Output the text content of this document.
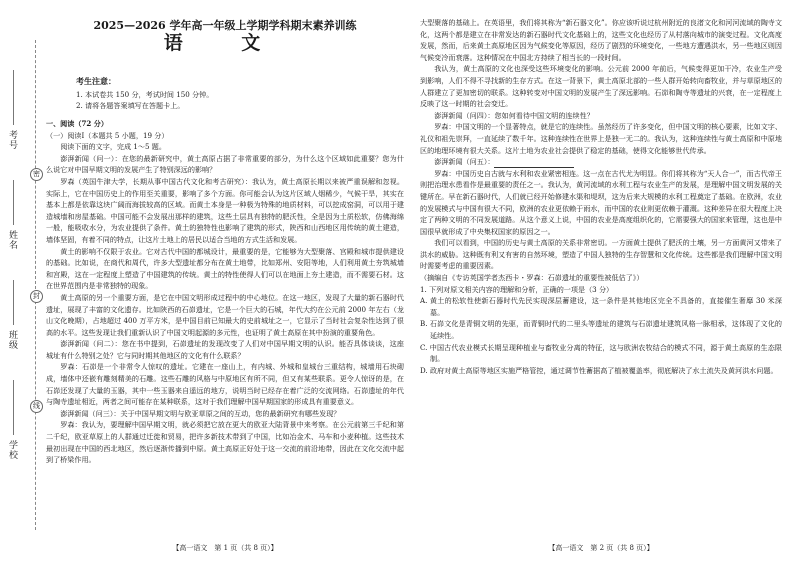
密
封
线
考号
姓名
班级
学校
2025—2026 学年高一年级上学期学科期末素养训练
语 文
考生注意：

1. 本试卷共 150 分，考试时间 150 分钟。

2. 请将各题答案填写在答题卡上。

一、阅读（72 分）

（一）阅读Ⅰ（本题共 5 小题，19 分）

阅读下面的文字，完成 1～5 题。

澎湃新闻（问一）：在您的最新研究中，黄土高原占据了非常重要的部分，为什么这个区域如此重要？您为什么说它对中国早期文明的发展产生了特别深远的影响？

罗森（英国牛津大学，长期从事中国古代文化和考古研究）：我认为，黄土高原长期以来被严重误解和忽视。实际上，它在中国历史上的作用至关重要，影响了多个方面。你可能会认为这片区域人烟稀少，气候干旱，其实在基本上都是依靠这块广阔而海拔较高的区域。而黄土本身是一种极为特殊的地质材料，可以挖成窑洞，可以用于建造城墙和房屋基础。中国可能不会发展出那样的建筑，这些土层具有独特的肥沃性，全是因为土质松软，仿佛海绵一般，能吸收水分，为农业提供了条件。黄土的独特性也影响了建筑的形式，陕西和山西地区用传统的黄土建造，墙体坚固，有着不同的特点，让这片土地上的居民以适合当地的方式生活和发展。

黄土的影响不仅限于农业。它对古代中国的都城设计，最重要的是，它能够为大型聚落、宫殿和城市提供建设的基础。比如说，在商代和周代，许多大型遗址都分布在黄土地带，比如郑州、安阳等地，人们利用黄土夯筑城墙和宫殿，这在一定程度上塑造了中国建筑的传统。黄土的特性使得人们可以在地面上夯土建造，而不需要石材。这在世界范围内是非常独特的现象。

黄土高原的另一个重要方面，是它在中国文明形成过程中的中心地位。在这一地区，发现了大量的新石器时代遗址，展现了丰富的文化遗存。比如陕西的石峁遗址，它是一个巨大的石城，年代大约在公元前 2000 年左右（龙山文化晚期），占地超过 400 万平方米，是中国目前已知最大的史前城址之一，它显示了当时社会复杂性达到了很高的水平。这些发现让我们重新认识了中国文明起源的多元性，也证明了黄土高原在其中扮演的重要角色。

澎湃新闻（问二）：您在书中提到，石峁遗址的发现改变了人们对中国早期文明的认识。能否具体谈谈，这座城址有什么特别之处？它与同时期其他地区的文化有什么联系？

罗森：石峁是一个非常令人惊叹的遗址。它建在一座山上，有内城、外城和皇城台三重结构，城墙用石块砌成，墙体中还嵌有雕刻精美的石雕。这些石雕的风格与中原地区有所不同，但又有某些联系。更令人惊讶的是，在石峁还发现了大量的玉器，其中一些玉器来自遥远的地方，说明当时已经存在着广泛的交流网络。石峁遗址的年代与陶寺遗址相近，两者之间可能存在某种联系，这对于我们理解中国早期国家的形成具有重要意义。

澎湃新闻（问三）：关于中国早期文明与欧亚草原之间的互动，您的最新研究有哪些发现？

罗森：我认为，要理解中国早期文明，就必须把它放在更大的欧亚大陆背景中来考察。在公元前第三千纪和第二千纪，欧亚草原上的人群通过迁徙和贸易，把许多新技术带到了中国，比如冶金术、马车和小麦种植。这些技术最初出现在中国的西北地区，然后逐渐传播到中原。黄土高原正好处于这一交流的前沿地带，因此在文化交流中起到了桥梁作用。

【高一语文　第 1 页（共 8 页）】

大型聚落的基础上。在英语里，我们将其称为“新石器文化”。你应该听说过杭州附近的良渚文化和河河流域的陶寺文化，这两个都是建立在非常发达的新石器时代文化基础上的，这些文化也经历了从村落向城市的演变过程。文化高度发展，然而，后来黄土高原地区因为气候变化等原因，经历了剧烈的环境变化，一些地方遭遇洪水，另一些地区则因气候变冷而衰落。这种情况在中国北方持续了相当长的一段时间。

我认为，黄土高原的文化也深受这些环境变化的影响。公元前 2000 年前后，气候变得更加干冷，农业生产受到影响，人们不得不寻找新的生存方式。在这一背景下，黄土高原北部的一些人群开始转向畜牧业，并与草原地区的人群建立了更加密切的联系。这种转变对中国文明的发展产生了深远影响。石峁和陶寺等遗址的兴衰，在一定程度上反映了这一时期的社会变迁。

澎湃新闻（问四）：您如何看待中国文明的连续性？

罗森：中国文明的一个显著特点，就是它的连续性。虽然经历了许多变化，但中国文明的核心要素，比如文字、礼仪和祖先崇拜，一直延续了数千年。这种连续性在世界上是独一无二的。我认为，这种连续性与黄土高原和中原地区的地理环境有很大关系。这片土地为农业社会提供了稳定的基础，使得文化能够世代传承。

澎湃新闻（问五）：

罗森：中国历史自古就与水利和农业紧密相连。这一点在古代尤为明显。你们将其称为“天人合一”，而古代帝王则把治理水患看作是最重要的责任之一。我认为，黄河流域的水利工程与农业生产的发展，是理解中国文明发展的关键所在。早在新石器时代，人们就已经开始修建水渠和堤坝，这为后来大规模的水利工程奠定了基础。在欧洲，农业的发展模式与中国有很大不同，欧洲的农业更依赖于雨水，而中国的农业则更依赖于灌溉。这种差异在很大程度上决定了两种文明的不同发展道路。从这个意义上说，中国的农业是高度组织化的，它需要强大的国家来管理，这也是中国很早就形成了中央集权国家的原因之一。

我们可以看到，中国的历史与黄土高原的关系非常密切。一方面黄土提供了肥沃的土壤，另一方面黄河又带来了洪水的威胁。这种既有利又有害的自然环境，塑造了中国人独特的生存智慧和文化传统。这些都是我们理解中国文明时需要考虑的重要因素。

（摘编自《专访英国学者杰西卡・罗森：石峁遗址的重要性被低估了》）

1. 下列对原文相关内容的理解和分析，正确的一项是（3 分）

A. 黄土的松软性使新石器时代先民实现深层蓄建设，这一条件是其他地区完全不具备的，直接催生奢靡 30 米深墓。

B. 石峁文化是青铜文明的先驱，而青铜时代的二里头等遗址的建筑与石峁遗址建筑风格一脉相承，这体现了文化的延续性。

C. 中国古代农业模式长期呈现种植业与畜牧业分离的特征，这与欧洲农牧结合的模式不同，源于黄土高原的生态限制。

D. 政府对黄土高原等地区实施严格管控，通过调节性蓄据高了植被覆盖率，彻底解决了水土流失及黄河洪水问题。

【高一语文　第 2 页（共 8 页）】
